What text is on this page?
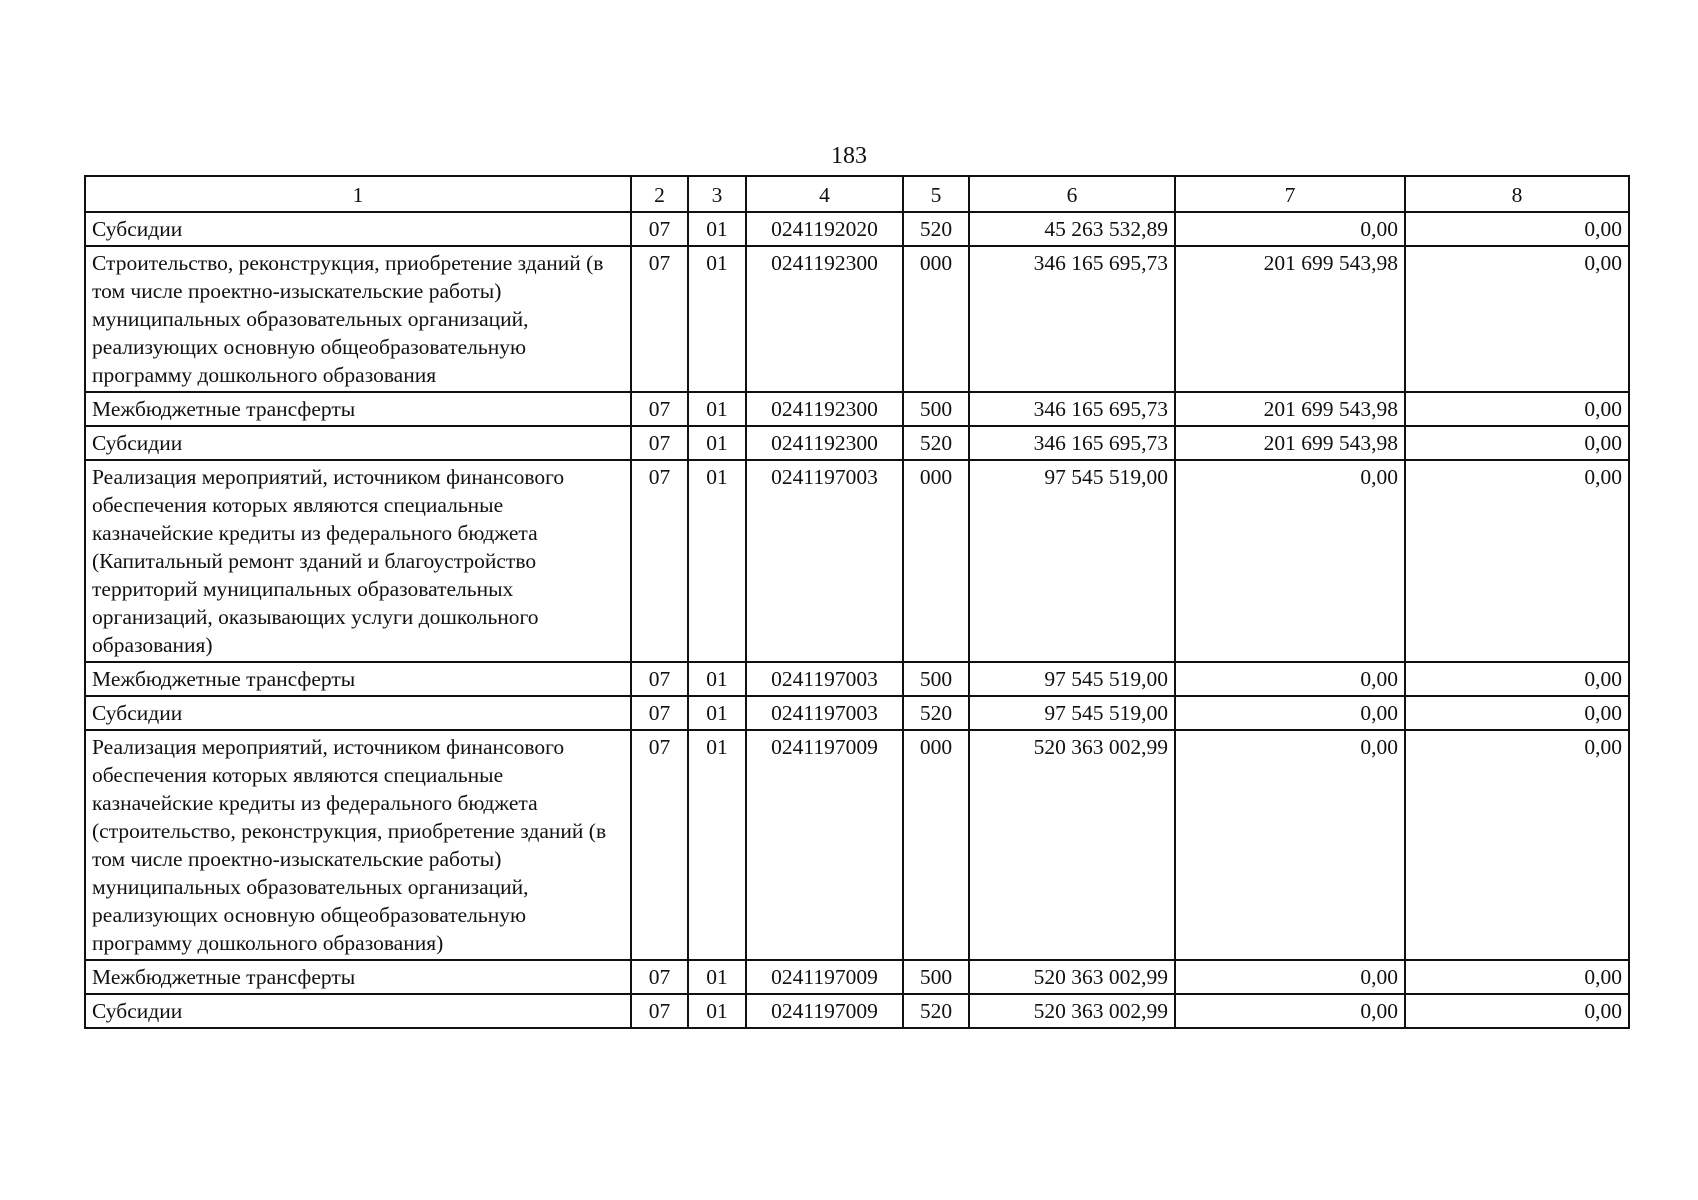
183
1	2	3	4	5	6	7	8
Субсидии	07	01	0241192020	520	45 263 532,89	0,00	0,00
Строительство, реконструкция, приобретение зданий (в том числе проектно-изыскательские работы) муниципальных образовательных организаций, реализующих основную общеобразовательную программу дошкольного образования	07	01	0241192300	000	346 165 695,73	201 699 543,98	0,00
Межбюджетные трансферты	07	01	0241192300	500	346 165 695,73	201 699 543,98	0,00
Субсидии	07	01	0241192300	520	346 165 695,73	201 699 543,98	0,00
Реализация мероприятий, источником финансового обеспечения которых являются специальные казначейские кредиты из федерального бюджета (Капитальный ремонт зданий и благоустройство территорий муниципальных образовательных организаций, оказывающих услуги дошкольного образования)	07	01	0241197003	000	97 545 519,00	0,00	0,00
Межбюджетные трансферты	07	01	0241197003	500	97 545 519,00	0,00	0,00
Субсидии	07	01	0241197003	520	97 545 519,00	0,00	0,00
Реализация мероприятий, источником финансового обеспечения которых являются специальные казначейские кредиты из федерального бюджета (строительство, реконструкция, приобретение зданий (в том числе проектно-изыскательские работы) муниципальных образовательных организаций, реализующих основную общеобразовательную программу дошкольного образования)	07	01	0241197009	000	520 363 002,99	0,00	0,00
Межбюджетные трансферты	07	01	0241197009	500	520 363 002,99	0,00	0,00
Субсидии	07	01	0241197009	520	520 363 002,99	0,00	0,00
